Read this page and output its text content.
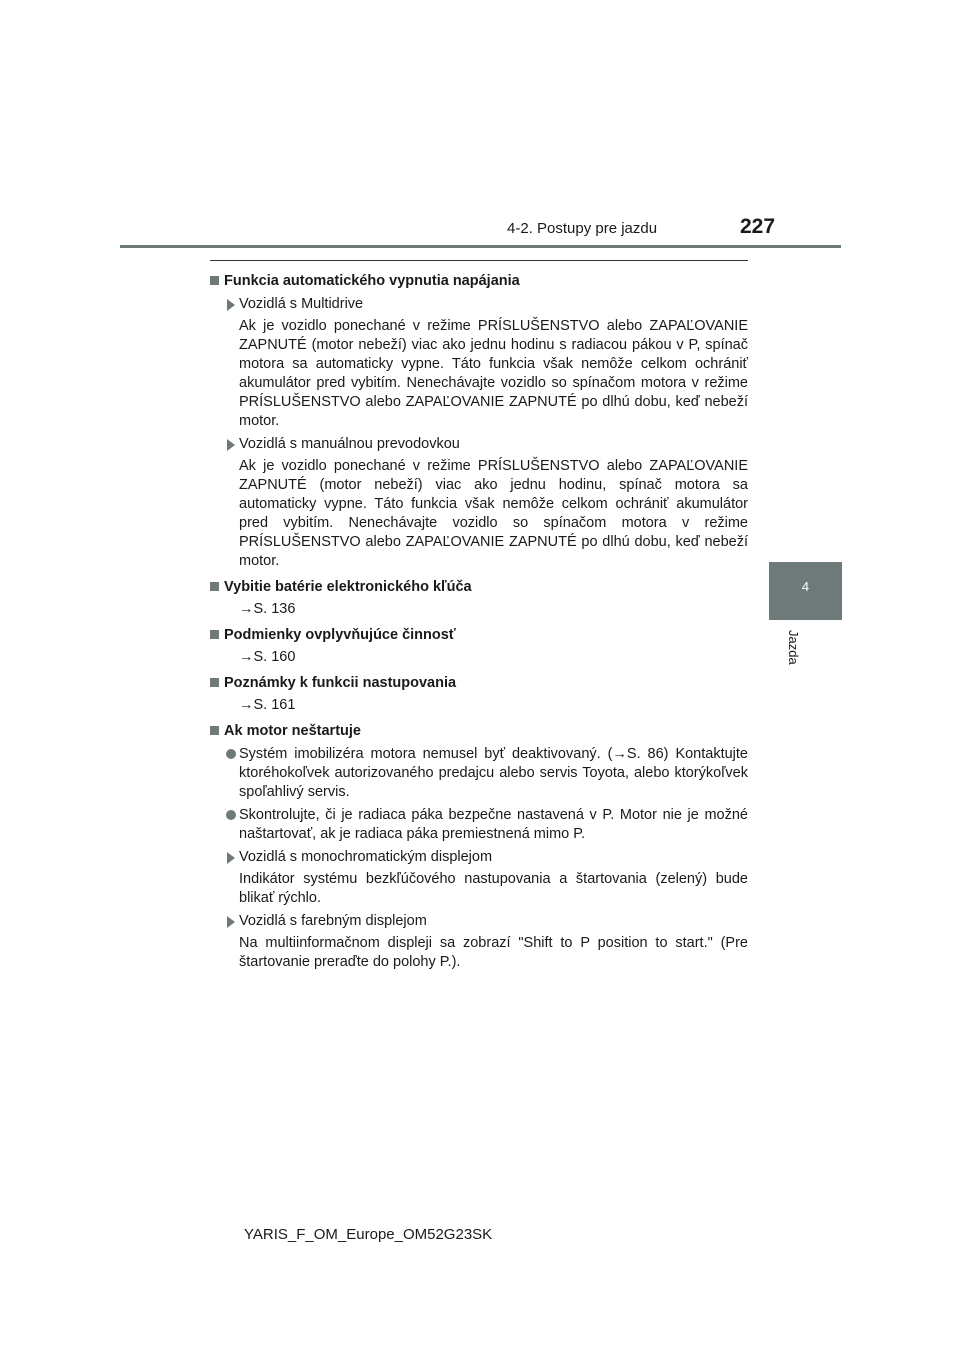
4-2. Postupy pre jazdu	227
4
Jazda
Funkcia automatického vypnutia napájania
Vozidlá s Multidrive
Ak je vozidlo ponechané v režime PRÍSLUŠENSTVO alebo ZAPAĽOVANIE ZAPNUTÉ (motor nebeží) viac ako jednu hodinu s radiacou pákou v P, spínač motora sa automaticky vypne. Táto funkcia však nemôže celkom ochrániť akumulátor pred vybitím. Nenechávajte vozidlo so spínačom motora v režime PRÍSLUŠENSTVO alebo ZAPAĽOVANIE ZAPNUTÉ po dlhú dobu, keď nebeží motor.
Vozidlá s manuálnou prevodovkou
Ak je vozidlo ponechané v režime PRÍSLUŠENSTVO alebo ZAPAĽOVANIE ZAPNUTÉ (motor nebeží) viac ako jednu hodinu, spínač motora sa automaticky vypne. Táto funkcia však nemôže celkom ochrániť akumulátor pred vybitím. Nenechávajte vozidlo so spínačom motora v režime PRÍSLUŠENSTVO alebo ZAPAĽOVANIE ZAPNUTÉ po dlhú dobu, keď nebeží motor.
Vybitie batérie elektronického kľúča
→S. 136
Podmienky ovplyvňujúce činnosť
→S. 160
Poznámky k funkcii nastupovania
→S. 161
Ak motor neštartuje
Systém imobilizéra motora nemusel byť deaktivovaný. (→S. 86) Kontaktujte ktoréhokoľvek autorizovaného predajcu alebo servis Toyota, alebo ktorýkoľvek spoľahlivý servis.
Skontrolujte, či je radiaca páka bezpečne nastavená v P. Motor nie je možné naštartovať, ak je radiaca páka premiestnená mimo P.
Vozidlá s monochromatickým displejom
Indikátor systému bezkľúčového nastupovania a štartovania (zelený) bude blikať rýchlo.
Vozidlá s farebným displejom
Na multiinformačnom displeji sa zobrazí "Shift to P position to start." (Pre štartovanie preraďte do polohy P.).
YARIS_F_OM_Europe_OM52G23SK
